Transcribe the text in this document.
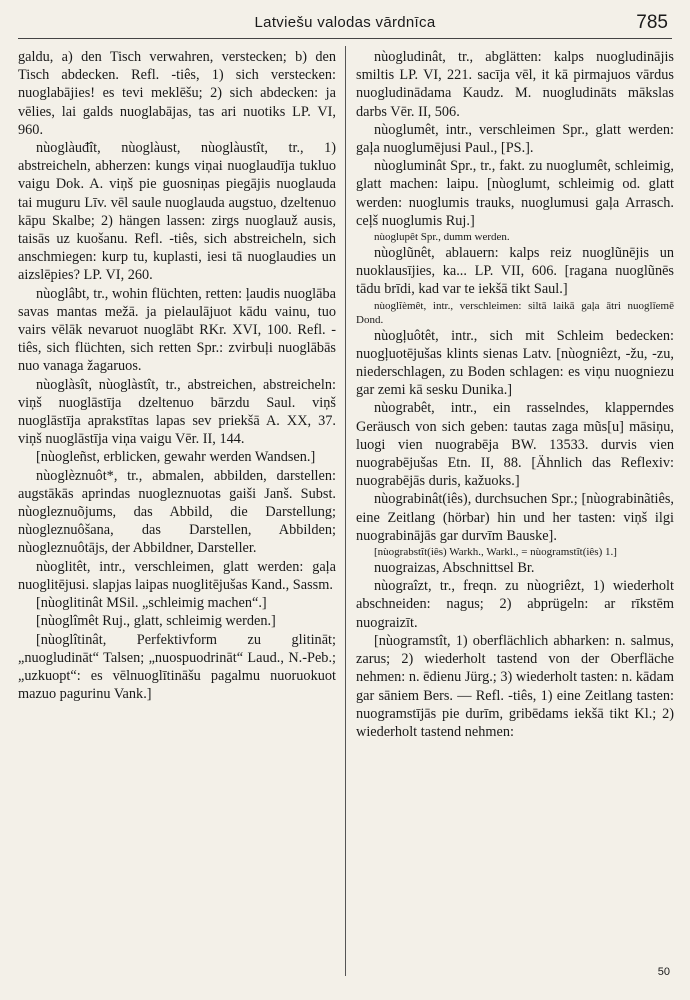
Latviešu valodas vārdnīca	785

galdu, a) den Tisch verwahren, verstecken; b) den Tisch abdecken. Refl. -tiês, 1) sich verstecken: nuoglabājies! es tevi meklēšu; 2) sich abdecken: ja vēlies, lai galds nuoglabājas, tas ari nuotiks LP. VI, 960.

nùoglàuđît, nùoglàust, nùoglàustît, tr., 1) abstreicheln, abherzen: kungs viņai nuoglaudīja tukluo vaigu Dok. A. viņš pie guosniņas piegājis nuoglauda tai muguru Līv. vēl saule nuoglauda augstuo, dzeltenuo kāpu Skalbe; 2) hängen lassen: zirgs nuoglauž ausis, taisās uz kuošanu. Refl. -tiês, sich abstreicheln, sich anschmiegen: kurp tu, kuplasti, iesi tā nuoglaudies un aizslēpies? LP. VI, 260.

nùoglâbt, tr., wohin flüchten, retten: ļaudis nuoglāba savas mantas mežā. ja pielaulājuot kādu vainu, tuo vairs vēlāk nevaruot nuoglābt RKr. XVI, 100. Refl. -tiês, sich flüchten, sich retten Spr.: zvirbuļi nuoglābās nuo vanaga žagaruos.

nùoglàsît, nùoglàstît, tr., abstreichen, abstreicheln: viņš nuoglāstīja dzeltenuo bārzdu Saul. viņš nuoglāstīja aprakstītas lapas sev priekšā A. XX, 37. viņš nuoglāstīja viņa vaigu Vēr. II, 144.

[nùogleñst, erblicken, gewahr werden Wandsen.]

nùoglèznuôt*, tr., abmalen, abbilden, darstellen: augstākās aprindas nuogleznuotas gaiši Janš. Subst. nùogleznuõjums, das Abbild, die Darstellung; nùogleznuôšana, das Darstellen, Abbilden; nùogleznuôtājs, der Abbildner, Darsteller.

nùoglitêt, intr., verschleimen, glatt werden: gaļa nuoglitējusi. slapjas laipas nuoglitējušas Kand., Sassm.

[nùoglitinât MSil. „schleimig machen“.]

[nùoglîmêt Ruj., glatt, schleimig werden.]

[nùoglîtinât, Perfektivform zu glitināt; „nuogludināt“ Talsen; „nuospuodrināt“ Laud., N.-Peb.; „uzkuopt“: es vēlnuoglītināšu pagalmu nuoruokuot mazuo pagurinu Vank.]

nùogludinât, tr., abglätten: kalps nuogludinājis smiltis LP. VI, 221. sacīja vēl, it kā pirmajuos vārdus nuogludinādama Kaudz. M. nuogludināts mākslas darbs Vēr. II, 506.

nùoglumêt, intr., verschleimen Spr., glatt werden: gaļa nuoglumējusi Paul., [PS.].

nùogluminât Spr., tr., fakt. zu nuoglumêt, schleimig, glatt machen: laipu. [nùoglumt, schleimig od. glatt werden: nuoglumis trauks, nuoglumusi gaļa Arrasch. ceļš nuoglumis Ruj.]

nùoglupêt Spr., dumm werden.

nùoglũnêt, ablauern: kalps reiz nuoglũnējis un nuoklausījies, ka... LP. VII, 606. [ragana nuoglũnēs tādu brīdi, kad var te iekšā tikt Saul.]

nùoglĩèmêt, intr., verschleimen: siltā laikā gaļa ātri nuoglīemē Dond.

nùogļuôtêt, intr., sich mit Schleim bedecken: nuogļuotējušas klints sienas Latv. [nùogniêzt, -žu, -zu, niederschlagen, zu Boden schlagen: es viņu nuogniezu gar zemi kā sesku Dunika.]

nùograbêt, intr., ein rasselndes, klapperndes Geräusch von sich geben: tautas zaga mũs[u] māsiņu, luogi vien nuograbēja BW. 13533. durvis vien nuograbējušas Etn. II, 88. [Ähnlich das Reflexiv: nuograbējās duris, kažuoks.]

nùograbinât(iês), durchsuchen Spr.; [nùograbinãtiês, eine Zeitlang (hörbar) hin und her tasten: viņš ilgi nuograbinājās gar durvīm Bauske].

[nùograbstĩt(iês) Warkh., Warkl., = nùogramstĩt(iês) 1.]

nuograizas, Abschnittsel Br.

nùograîzt, tr., freqn. zu nùogriêzt, 1) wiederholt abschneiden: nagus; 2) abprügeln: ar rīkstēm nuograizīt.

[nùogramstît, 1) oberflächlich abharken: n. salmus, zarus; 2) wiederholt tastend von der Oberfläche nehmen: n. ēdienu Jürg.; 3) wiederholt tasten: n. kādam gar sāniem Bers. — Refl. -tiês, 1) eine Zeitlang tasten: nuogramstījās pie durīm, gribēdams iekšā tikt Kl.; 2) wiederholt tastend nehmen:

50
